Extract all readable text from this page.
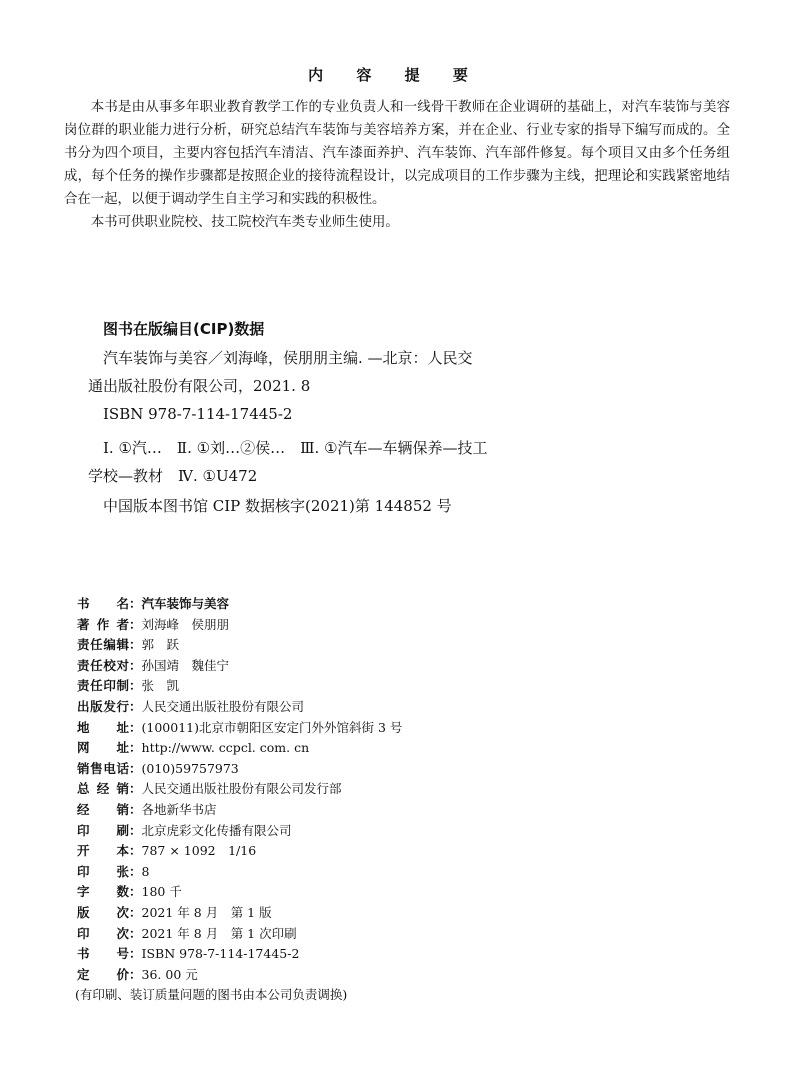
内 容 提 要

本书是由从事多年职业教育教学工作的专业负责人和一线骨干教师在企业调研的基础上，对汽车装饰与美容岗位群的职业能力进行分析，研究总结汽车装饰与美容培养方案，并在企业、行业专家的指导下编写而成的。全书分为四个项目，主要内容包括汽车清洁、汽车漆面养护、汽车装饰、汽车部件修复。每个项目又由多个任务组成，每个任务的操作步骤都是按照企业的接待流程设计，以完成项目的工作步骤为主线，把理论和实践紧密地结合在一起，以便于调动学生自主学习和实践的积极性。

本书可供职业院校、技工院校汽车类专业师生使用。

图书在版编目(CIP)数据

汽车装饰与美容／刘海峰，侯朋朋主编. —北京：人民交

通出版社股份有限公司，2021. 8

ISBN 978-7-114-17445-2

Ⅰ. ①汽…　Ⅱ. ①刘…②侯…　Ⅲ. ①汽车—车辆保养—技工

学校—教材　Ⅳ. ①U472

中国版本图书馆 CIP 数据核字(2021)第 144852 号

书 名 ： 汽车装饰与美容
著 作 者 ： 刘海峰　侯朋朋
责 任 编 辑 ： 郭　跃
责 任 校 对 ： 孙国靖　魏佳宁
责 任 印 制 ： 张　凯
出 版 发 行 ： 人民交通出版社股份有限公司
地 址 ： (100011)北京市朝阳区安定门外外馆斜街 3 号
网 址 ： http://www. ccpcl. com. cn
销 售 电 话 ： (010)59757973
总 经 销 ： 人民交通出版社股份有限公司发行部
经 销 ： 各地新华书店
印 刷 ： 北京虎彩文化传播有限公司
开 本 ： 787 × 1092　1/16
印 张 ： 8
字 数 ： 180 千
版 次 ： 2021 年 8 月　第 1 版
印 次 ： 2021 年 8 月　第 1 次印刷
书 号 ： ISBN 978-7-114-17445-2
定 价 ： 36. 00 元
(有印刷、装订质量问题的图书由本公司负责调换)
